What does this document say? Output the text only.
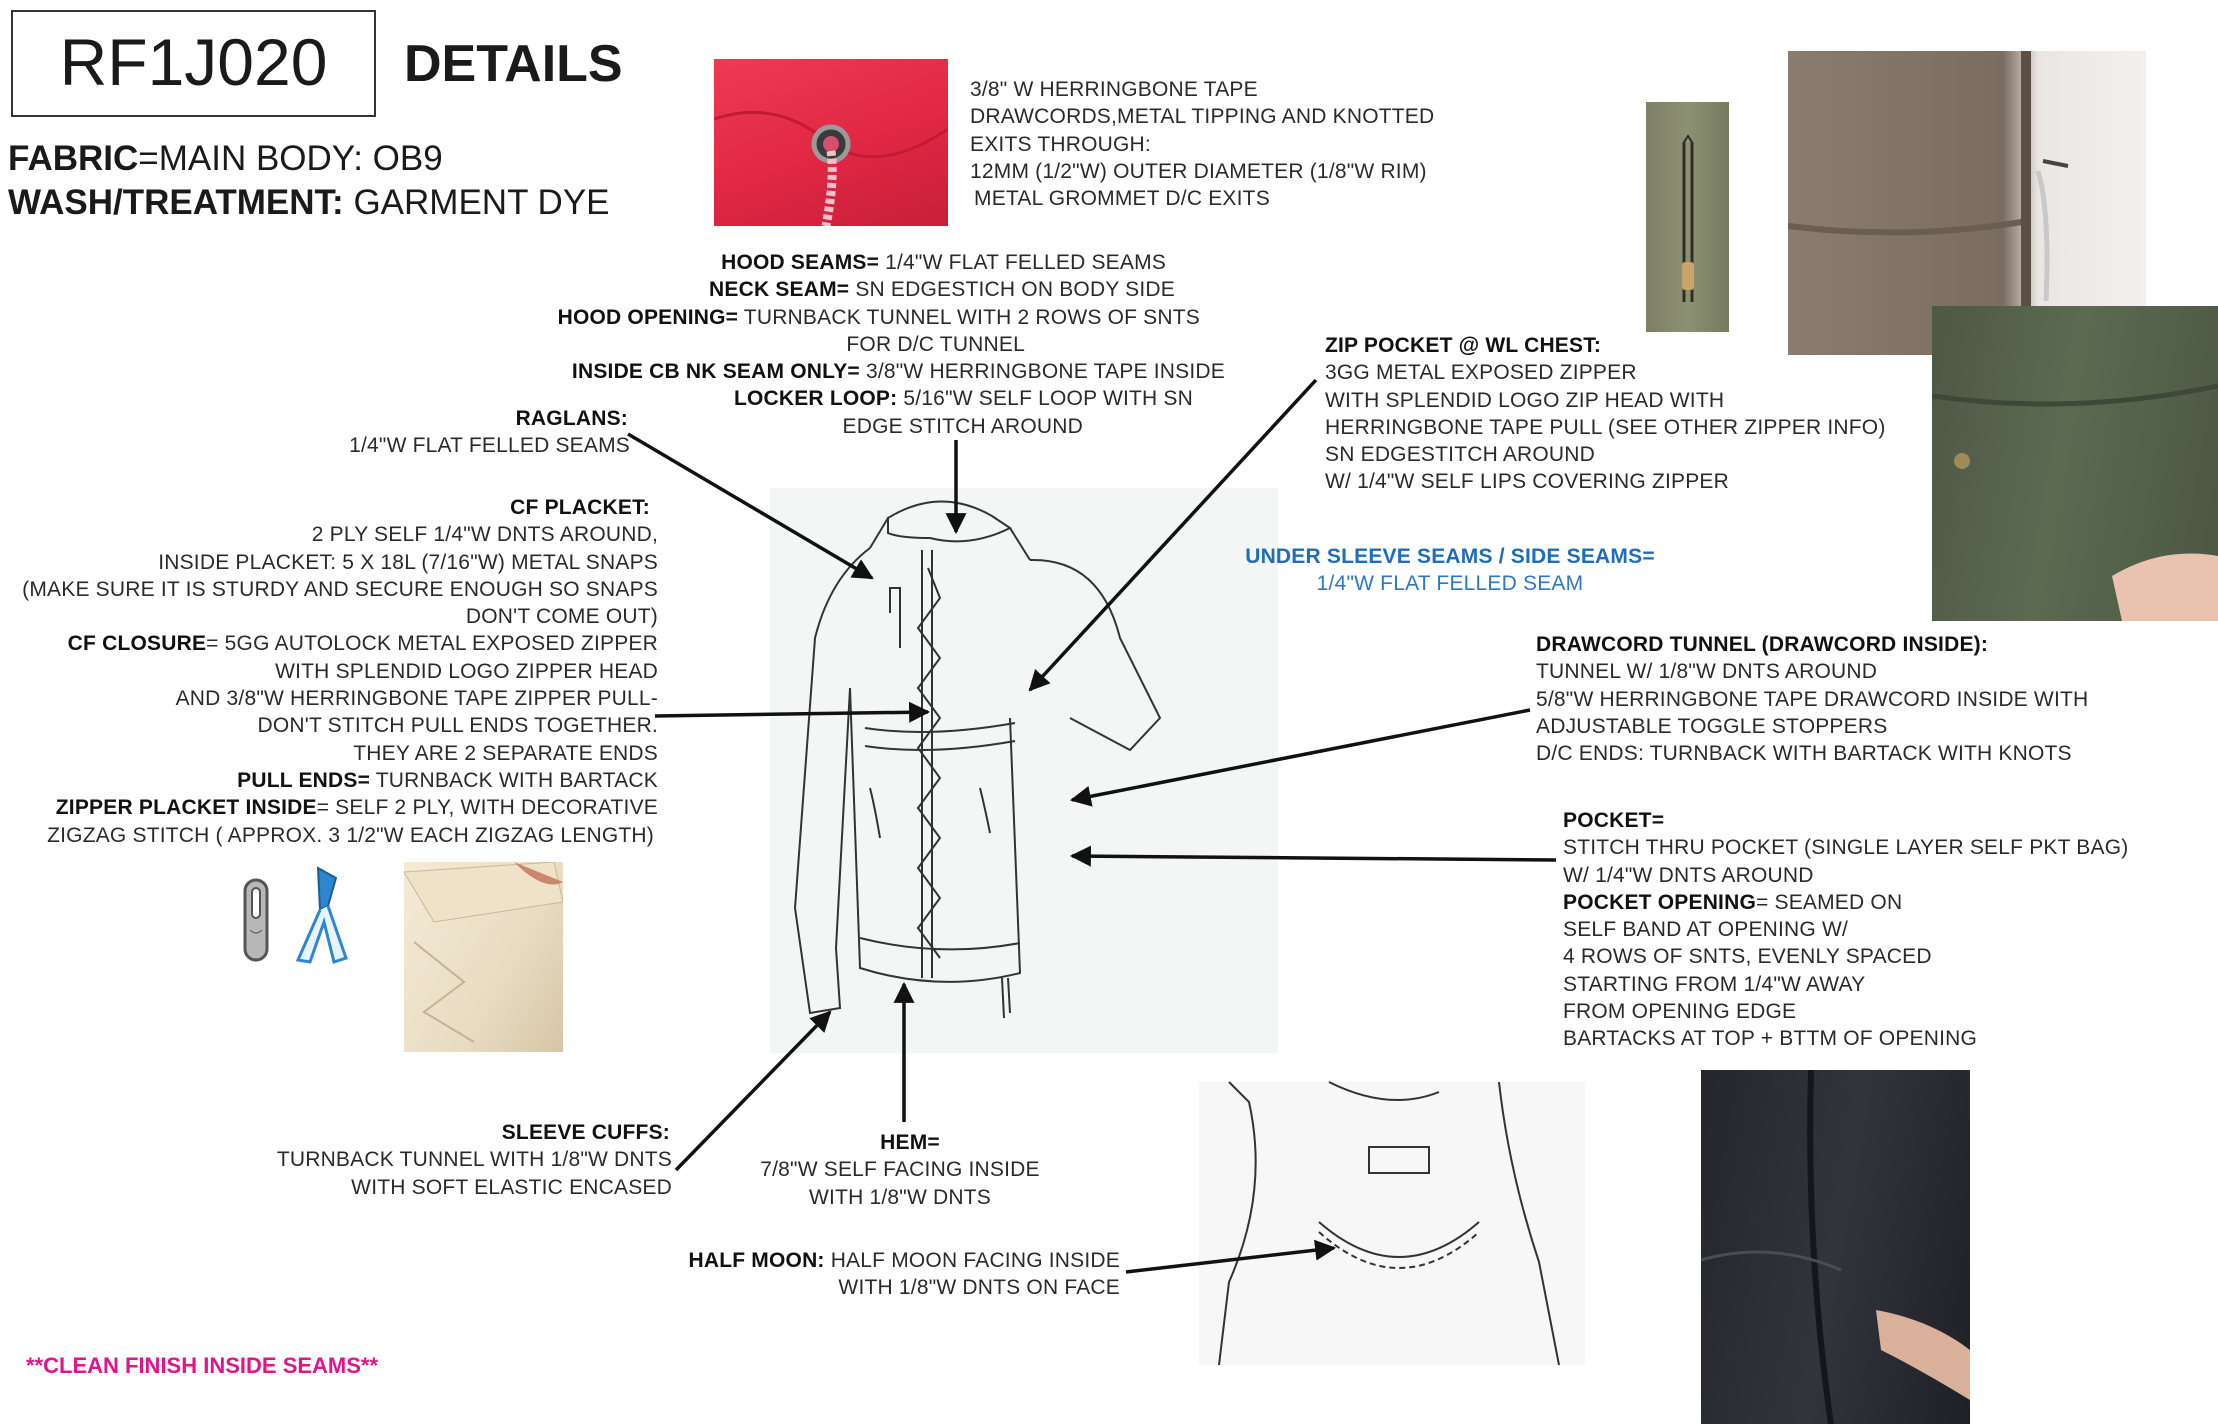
RF1J020	DETAILS
FABRIC=MAIN BODY: OB9
WASH/TREATMENT: GARMENT DYE
3/8" W HERRINGBONE TAPE
DRAWCORDS,METAL TIPPING AND KNOTTED
EXITS THROUGH:
12MM (1/2"W) OUTER DIAMETER (1/8"W RIM)
METAL GROMMET D/C EXITS
HOOD SEAMS= 1/4"W FLAT FELLED SEAMS
NECK SEAM= SN EDGESTICH ON BODY SIDE
HOOD OPENING= TURNBACK TUNNEL WITH 2 ROWS OF SNTS
FOR D/C TUNNEL
INSIDE CB NK SEAM ONLY= 3/8"W HERRINGBONE TAPE INSIDE
LOCKER LOOP: 5/16"W SELF LOOP WITH SN
EDGE STITCH AROUND
RAGLANS:
1/4"W FLAT FELLED SEAMS
CF PLACKET:
2 PLY SELF 1/4"W DNTS AROUND,
INSIDE PLACKET: 5 X 18L (7/16"W) METAL SNAPS
(MAKE SURE IT IS STURDY AND SECURE ENOUGH SO SNAPS
DON'T COME OUT)
CF CLOSURE= 5GG AUTOLOCK METAL EXPOSED ZIPPER
WITH SPLENDID LOGO ZIPPER HEAD
AND 3/8"W HERRINGBONE TAPE ZIPPER PULL-
DON'T STITCH PULL ENDS TOGETHER.
THEY ARE 2 SEPARATE ENDS
PULL ENDS= TURNBACK WITH BARTACK
ZIPPER PLACKET INSIDE= SELF 2 PLY, WITH DECORATIVE
ZIGZAG STITCH ( APPROX. 3 1/2"W EACH ZIGZAG LENGTH)
ZIP POCKET @ WL CHEST:
3GG METAL EXPOSED ZIPPER
WITH SPLENDID LOGO ZIP HEAD WITH
HERRINGBONE TAPE PULL (SEE OTHER ZIPPER INFO)
SN EDGESTITCH AROUND
W/ 1/4"W SELF LIPS COVERING ZIPPER
UNDER SLEEVE SEAMS / SIDE SEAMS=
1/4"W FLAT FELLED SEAM
DRAWCORD TUNNEL (DRAWCORD INSIDE):
TUNNEL W/ 1/8"W DNTS AROUND
5/8"W HERRINGBONE TAPE DRAWCORD INSIDE WITH
ADJUSTABLE TOGGLE STOPPERS
D/C ENDS: TURNBACK WITH BARTACK WITH KNOTS
POCKET=
STITCH THRU POCKET (SINGLE LAYER SELF PKT BAG)
W/ 1/4"W DNTS AROUND
POCKET OPENING= SEAMED ON
SELF BAND AT OPENING W/
4 ROWS OF SNTS, EVENLY SPACED
STARTING FROM 1/4"W AWAY
FROM OPENING EDGE
BARTACKS AT TOP + BTTM OF OPENING
SLEEVE CUFFS:
TURNBACK TUNNEL WITH 1/8"W DNTS
WITH SOFT ELASTIC ENCASED
HEM=
7/8"W SELF FACING INSIDE
WITH 1/8"W DNTS
HALF MOON: HALF MOON FACING INSIDE
WITH 1/8"W DNTS ON FACE
**CLEAN FINISH INSIDE SEAMS**
